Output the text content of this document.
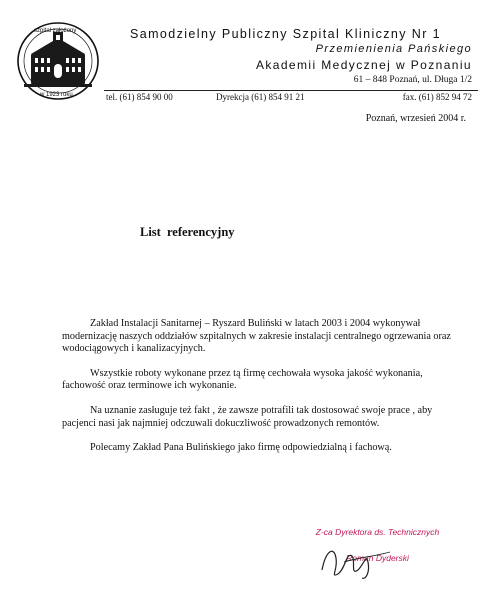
szpital założony
w 1923 roku
Samodzielny Publiczny Szpital Kliniczny Nr 1
Przemienienia Pańskiego
Akademii Medycznej w Poznaniu
61 – 848 Poznań, ul. Długa 1/2
tel. (61) 854 90 00	Dyrekcja (61) 854 91 21	fax. (61) 852 94 72
Poznań, wrzesień 2004 r.
List referencyjny

Zakład Instalacji Sanitarnej – Ryszard Buliński w latach 2003 i 2004 wykonywał modernizację naszych oddziałów szpitalnych w zakresie instalacji centralnego ogrzewania oraz wodociągowych i kanalizacyjnych.

Wszystkie roboty wykonane przez tą firmę cechowała wysoka jakość wykonania, fachowość oraz terminowe ich wykonanie.

Na uznanie zasługuje też fakt , że zawsze potrafili tak dostosować swoje prace , aby pacjenci nasi jak najmniej odczuwali dokuczliwość prowadzonych remontów.

Polecamy Zakład Pana Bulińskiego jako firmę odpowiedzialną i fachową.

Z-ca Dyrektora ds. Technicznych
Roman Dyderski
